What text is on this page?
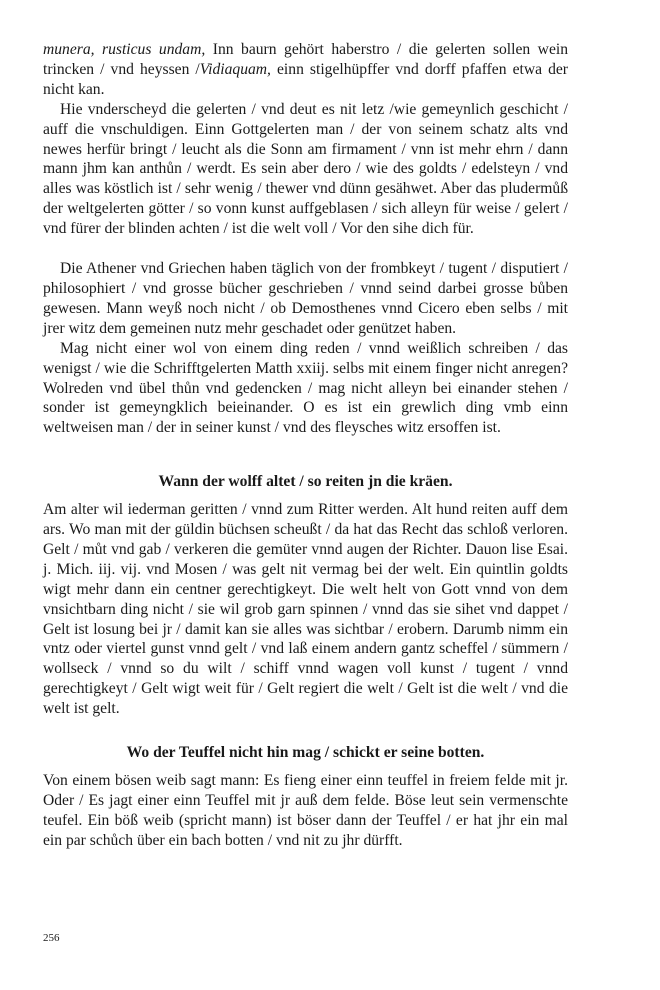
munera, rusticus undam, Inn baurn gehört haberstro / die gelerten sollen wein trincken / vnd heyssen /Vidiaquam, einn stigelhüpffer vnd dorff pfaffen etwa der nicht kan.

Hie vnderscheyd die gelerten / vnd deut es nit letz /wie gemeynlich geschicht / auff die vnschuldigen. Einn Gottgelerten man / der von seinem schatz alts vnd newes herfür bringt / leucht als die Sonn am firmament / vnn ist mehr ehrn / dann mann jhm kan anthůn / werdt. Es sein aber dero / wie des goldts / edelsteyn / vnd alles was köstlich ist / sehr wenig / thewer vnd dünn gesähwet. Aber das pludermůß der weltgelerten götter / so vonn kunst auffgeblasen / sich alleyn für weise / gelert / vnd fürer der blinden achten / ist die welt voll / Vor den sihe dich für.

Die Athener vnd Griechen haben täglich von der frombkeyt / tugent / disputiert / philosophiert / vnd grosse bücher geschrieben / vnnd seind darbei grosse bůben gewesen. Mann weyß noch nicht / ob Demosthenes vnnd Cicero eben selbs / mit jrer witz dem gemeinen nutz mehr geschadet oder genützet haben.

Mag nicht einer wol von einem ding reden / vnnd weißlich schreiben / das wenigst / wie die Schrifftgelerten Matth xxiij. selbs mit einem finger nicht anregen? Wolreden vnd übel thůn vnd gedencken / mag nicht alleyn bei einander stehen / sonder ist gemeyngklich beieinander. O es ist ein grewlich ding vmb einn weltweisen man / der in seiner kunst / vnd des fleysches witz ersoffen ist.

Wann der wolff altet / so reiten jn die kräen.

Am alter wil iederman geritten / vnnd zum Ritter werden. Alt hund reiten auff dem ars. Wo man mit der güldin büchsen scheußt / da hat das Recht das schloß verloren. Gelt / můt vnd gab / verkeren die gemüter vnnd augen der Richter. Dauon lise Esai. j. Mich. iij. vij. vnd Mosen / was gelt nit vermag bei der welt. Ein quintlin goldts wigt mehr dann ein centner gerechtigkeyt. Die welt helt von Gott vnnd von dem vnsichtbarn ding nicht / sie wil grob garn spinnen / vnnd das sie sihet vnd dappet / Gelt ist losung bei jr / damit kan sie alles was sichtbar / erobern. Darumb nimm ein vntz oder viertel gunst vnnd gelt / vnd laß einem andern gantz scheffel / sümmern / wollseck / vnnd so du wilt / schiff vnnd wagen voll kunst / tugent / vnnd gerechtigkeyt / Gelt wigt weit für / Gelt regiert die welt / Gelt ist die welt / vnd die welt ist gelt.

Wo der Teuffel nicht hin mag / schickt er seine botten.

Von einem bösen weib sagt mann: Es fieng einer einn teuffel in freiem felde mit jr. Oder / Es jagt einer einn Teuffel mit jr auß dem felde. Böse leut sein vermenschte teufel. Ein böß weib (spricht mann) ist böser dann der Teuffel / er hat jhr ein mal ein par schůch über ein bach botten / vnd nit zu jhr dürfft.

256
